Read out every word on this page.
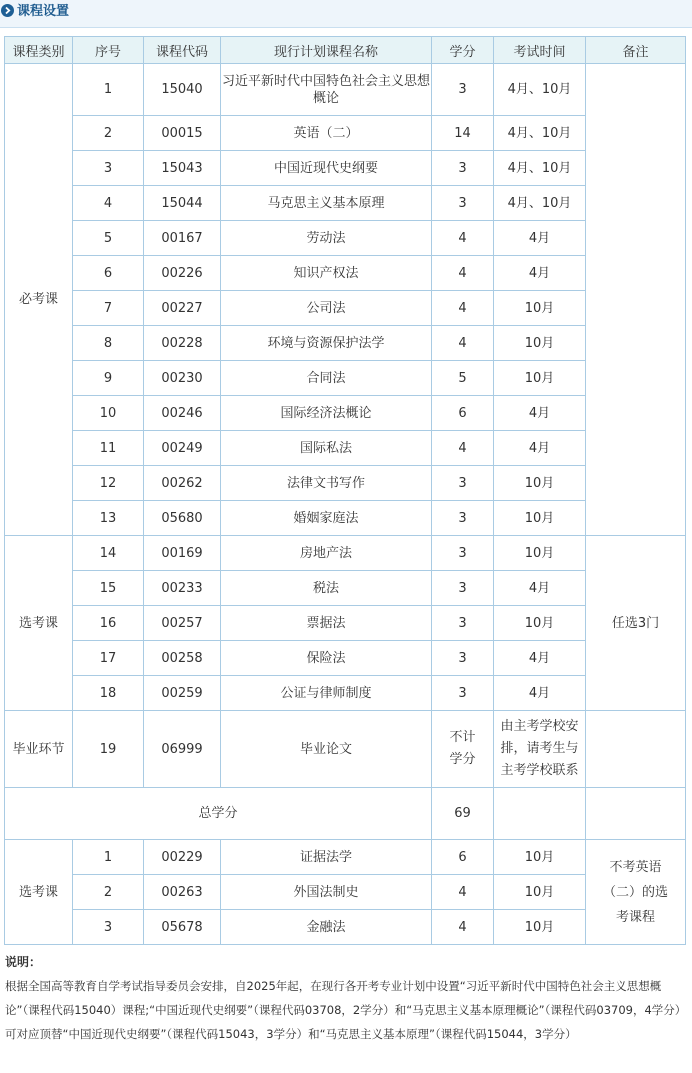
课程设置
课程类别	序号	课程代码	现行计划课程名称	学分	考试时间	备注
必考课	1	15040	习近平新时代中国特色社会主义思想概论	3	4月、10月	
	2	00015	英语（二）	14	4月、10月	
	3	15043	中国近现代史纲要	3	4月、10月	
	4	15044	马克思主义基本原理	3	4月、10月	
	5	00167	劳动法	4	4月	
	6	00226	知识产权法	4	4月	
	7	00227	公司法	4	10月	
	8	00228	环境与资源保护法学	4	10月	
	9	00230	合同法	5	10月	
	10	00246	国际经济法概论	6	4月	
	11	00249	国际私法	4	4月	
	12	00262	法律文书写作	3	10月	
	13	05680	婚姻家庭法	3	10月	
选考课	14	00169	房地产法	3	10月	任选3门
	15	00233	税法	3	4月	
	16	00257	票据法	3	10月	
	17	00258	保险法	3	4月	
	18	00259	公证与律师制度	3	4月	
毕业环节	19	06999	毕业论文	不计学分	由主考学校安排，请考生与主考学校联系	
总学分				69		
选考课	1	00229	证据法学	6	10月	不考英语（二）的选考课程
	2	00263	外国法制史	4	10月	
	3	05678	金融法	4	10月	
说明：
根据全国高等教育自学考试指导委员会安排，自2025年起，在现行各开考专业计划中设置“习近平新时代中国特色社会主义思想概论”（课程代码15040）课程;“中国近现代史纲要”（课程代码03708，2学分）和“马克思主义基本原理概论”（课程代码03709，4学分）可对应顶替“中国近现代史纲要”（课程代码15043，3学分）和“马克思主义基本原理”（课程代码15044，3学分）
